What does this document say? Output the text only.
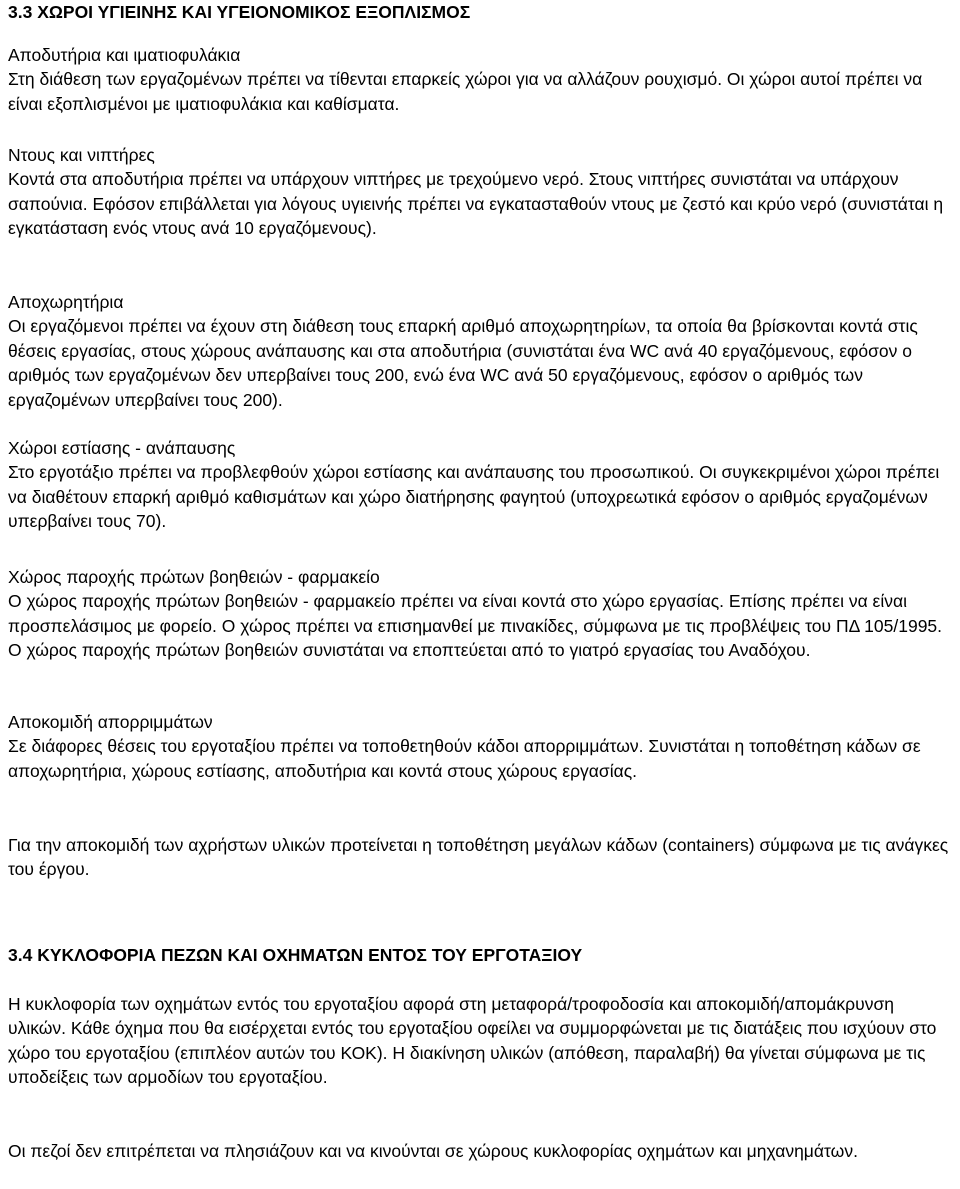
3.3 ΧΩΡΟΙ ΥΓΙΕΙΝΗΣ ΚΑΙ ΥΓΕΙΟΝΟΜΙΚΟΣ ΕΞΟΠΛΙΣΜΟΣ
Αποδυτήρια και ιματιοφυλάκια

Στη διάθεση των εργαζομένων πρέπει να τίθενται επαρκείς χώροι για να αλλάζουν ρουχισμό. Οι χώροι αυτοί πρέπει να είναι εξοπλισμένοι με ιματιοφυλάκια και καθίσματα.

Ντους και νιπτήρες

Κοντά στα αποδυτήρια πρέπει να υπάρχουν νιπτήρες με τρεχούμενο νερό. Στους νιπτήρες συνιστάται να υπάρχουν σαπούνια. Εφόσον επιβάλλεται για λόγους υγιεινής πρέπει να εγκατασταθούν ντους με ζεστό και κρύο νερό (συνιστάται η εγκατάσταση ενός ντους ανά 10 εργαζόμενους).

Αποχωρητήρια

Οι εργαζόμενοι πρέπει να έχουν στη διάθεση τους επαρκή αριθμό αποχωρητηρίων, τα οποία θα βρίσκονται κοντά στις θέσεις εργασίας, στους χώρους ανάπαυσης και στα αποδυτήρια (συνιστάται ένα WC ανά 40 εργαζόμενους, εφόσον ο αριθμός των εργαζομένων δεν υπερβαίνει τους 200, ενώ ένα WC ανά 50 εργαζόμενους, εφόσον ο αριθμός των εργαζομένων υπερβαίνει τους 200).

Χώροι εστίασης - ανάπαυσης

Στο εργοτάξιο πρέπει να προβλεφθούν χώροι εστίασης και ανάπαυσης του προσωπικού. Οι συγκεκριμένοι χώροι πρέπει να διαθέτουν επαρκή αριθμό καθισμάτων και χώρο διατήρησης φαγητού (υποχρεωτικά εφόσον ο αριθμός εργαζομένων υπερβαίνει τους 70).

Χώρος παροχής πρώτων βοηθειών - φαρμακείο

Ο χώρος παροχής πρώτων βοηθειών - φαρμακείο πρέπει να είναι κοντά στο χώρο εργασίας. Επίσης πρέπει να είναι προσπελάσιμος με φορείο. Ο χώρος πρέπει να επισημανθεί με πινακίδες, σύμφωνα με τις προβλέψεις του ΠΔ 105/1995. Ο χώρος παροχής πρώτων βοηθειών συνιστάται να εποπτεύεται από το γιατρό εργασίας του Αναδόχου.

Αποκομιδή απορριμμάτων

Σε διάφορες θέσεις του εργοταξίου πρέπει να τοποθετηθούν κάδοι απορριμμάτων. Συνιστάται η τοποθέτηση κάδων σε αποχωρητήρια, χώρους εστίασης, αποδυτήρια και κοντά στους χώρους εργασίας.

Για την αποκομιδή των αχρήστων υλικών προτείνεται η τοποθέτηση μεγάλων κάδων (containers) σύμφωνα με τις ανάγκες του έργου.

3.4 ΚΥΚΛΟΦΟΡΙΑ ΠΕΖΩΝ ΚΑΙ ΟΧΗΜΑΤΩΝ ΕΝΤΟΣ ΤΟΥ ΕΡΓΟΤΑΞΙΟΥ

Η κυκλοφορία των οχημάτων εντός του εργοταξίου αφορά στη μεταφορά/τροφοδοσία και αποκομιδή/απομάκρυνση υλικών. Κάθε όχημα που θα εισέρχεται εντός του εργοταξίου οφείλει να συμμορφώνεται με τις διατάξεις που ισχύουν στο χώρο του εργοταξίου (επιπλέον αυτών του ΚΟΚ). Η διακίνηση υλικών (απόθεση, παραλαβή) θα γίνεται σύμφωνα με τις υποδείξεις των αρμοδίων του εργοταξίου.

Οι πεζοί δεν επιτρέπεται να πλησιάζουν και να κινούνται σε χώρους κυκλοφορίας οχημάτων και μηχανημάτων.
